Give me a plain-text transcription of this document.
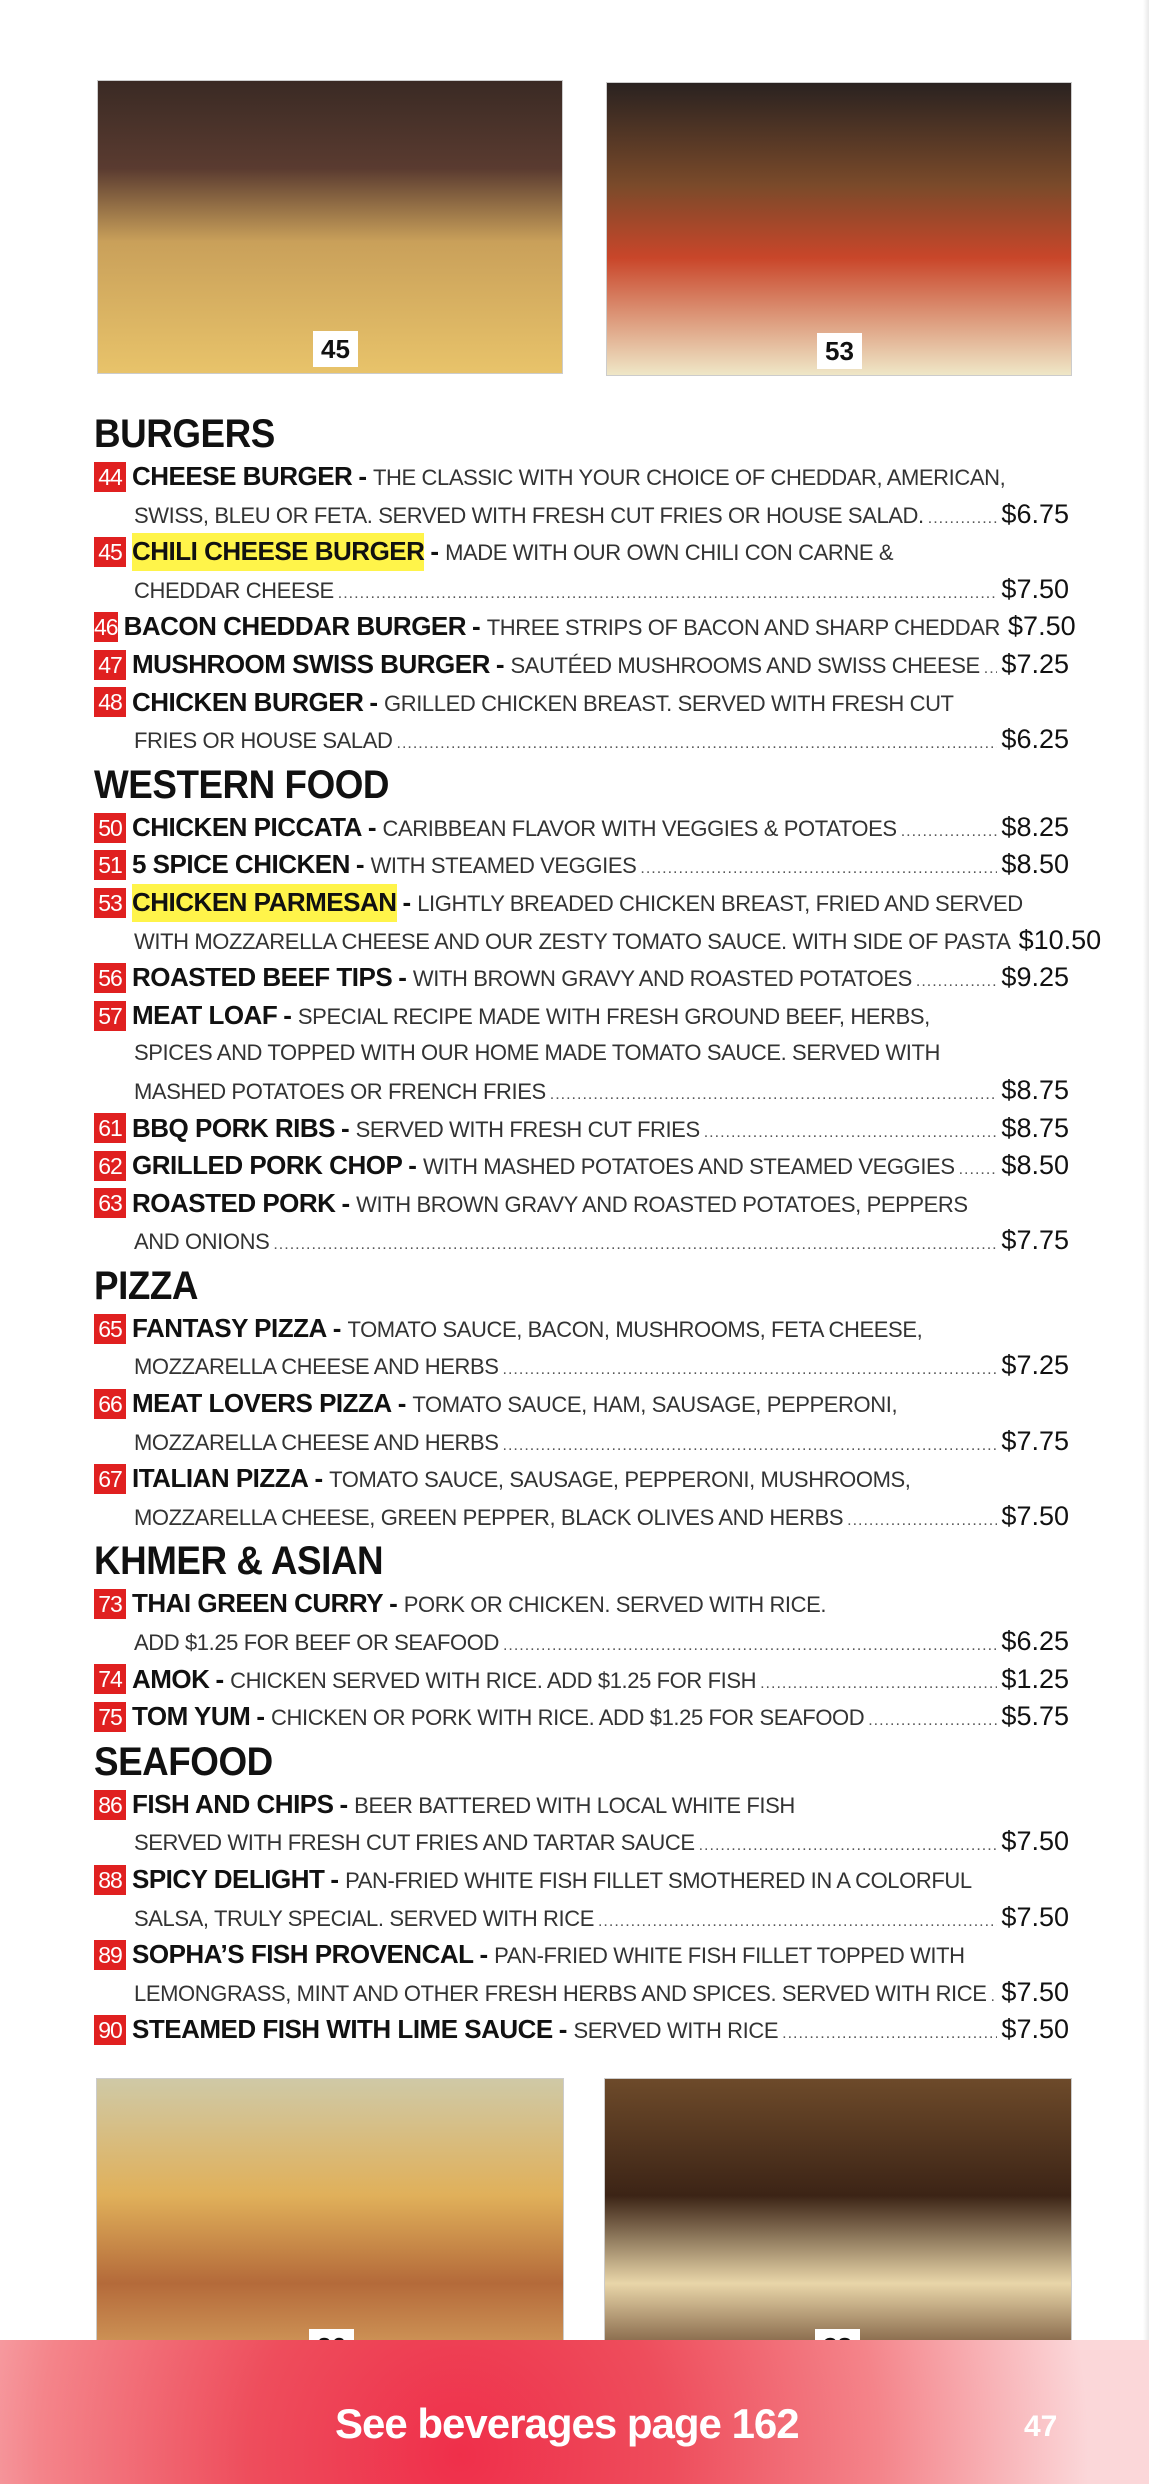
45	53
BURGERS
44 CHEESE BURGER - THE CLASSIC WITH YOUR CHOICE OF CHEDDAR, AMERICAN,
SWISS, BLEU OR FETA. SERVED WITH FRESH CUT FRIES OR HOUSE SALAD. .....	$6.75
45 CHILI CHEESE BURGER - MADE WITH OUR OWN CHILI CON CARNE &
CHEDDAR CHEESE .....	$7.50
46 BACON CHEDDAR BURGER - THREE STRIPS OF BACON AND SHARP CHEDDAR $7.50
47 MUSHROOM SWISS BURGER - SAUTÉED MUSHROOMS AND SWISS CHEESE ..... $7.25
48 CHICKEN BURGER - GRILLED CHICKEN BREAST. SERVED WITH FRESH CUT
FRIES OR HOUSE SALAD .....	$6.25
WESTERN FOOD
50 CHICKEN PICCATA - CARIBBEAN FLAVOR WITH VEGGIES & POTATOES .....	$8.25
51 5 SPICE CHICKEN - WITH STEAMED VEGGIES .....	$8.50
53 CHICKEN PARMESAN - LIGHTLY BREADED CHICKEN BREAST, FRIED AND SERVED
WITH MOZZARELLA CHEESE AND OUR ZESTY TOMATO SAUCE. WITH SIDE OF PASTA $10.50
56 ROASTED BEEF TIPS - WITH BROWN GRAVY AND ROASTED POTATOES .....	$9.25
57 MEAT LOAF - SPECIAL RECIPE MADE WITH FRESH GROUND BEEF, HERBS,
SPICES AND TOPPED WITH OUR HOME MADE TOMATO SAUCE. SERVED WITH
MASHED POTATOES OR FRENCH FRIES .....	$8.75
61 BBQ PORK RIBS - SERVED WITH FRESH CUT FRIES .....	$8.75
62 GRILLED PORK CHOP - WITH MASHED POTATOES AND STEAMED VEGGIES ..... $8.50
63 ROASTED PORK - WITH BROWN GRAVY AND ROASTED POTATOES, PEPPERS
AND ONIONS .....	$7.75
PIZZA
65 FANTASY PIZZA - TOMATO SAUCE, BACON, MUSHROOMS, FETA CHEESE,
MOZZARELLA CHEESE AND HERBS .....	$7.25
66 MEAT LOVERS PIZZA - TOMATO SAUCE, HAM, SAUSAGE, PEPPERONI,
MOZZARELLA CHEESE AND HERBS .....	$7.75
67 ITALIAN PIZZA - TOMATO SAUCE, SAUSAGE, PEPPERONI, MUSHROOMS,
MOZZARELLA CHEESE, GREEN PEPPER, BLACK OLIVES AND HERBS .....	$7.50
KHMER & ASIAN
73 THAI GREEN CURRY - PORK OR CHICKEN. SERVED WITH RICE.
ADD $1.25 FOR BEEF OR SEAFOOD .....	$6.25
74 AMOK - CHICKEN SERVED WITH RICE. ADD $1.25 FOR FISH .....	$1.25
75 TOM YUM - CHICKEN OR PORK WITH RICE. ADD $1.25 FOR SEAFOOD .....	$5.75
SEAFOOD
86 FISH AND CHIPS - BEER BATTERED WITH LOCAL WHITE FISH
SERVED WITH FRESH CUT FRIES AND TARTAR SAUCE .....	$7.50
88 SPICY DELIGHT - PAN-FRIED WHITE FISH FILLET SMOTHERED IN A COLORFUL
SALSA, TRULY SPECIAL. SERVED WITH RICE .....	$7.50
89 SOPHA’S FISH PROVENCAL - PAN-FRIED WHITE FISH FILLET TOPPED WITH
LEMONGRASS, MINT AND OTHER FRESH HERBS AND SPICES. SERVED WITH RICE ..... $7.50
90 STEAMED FISH WITH LIME SAUCE - SERVED WITH RICE .....	$7.50
See beverages page 162	47
